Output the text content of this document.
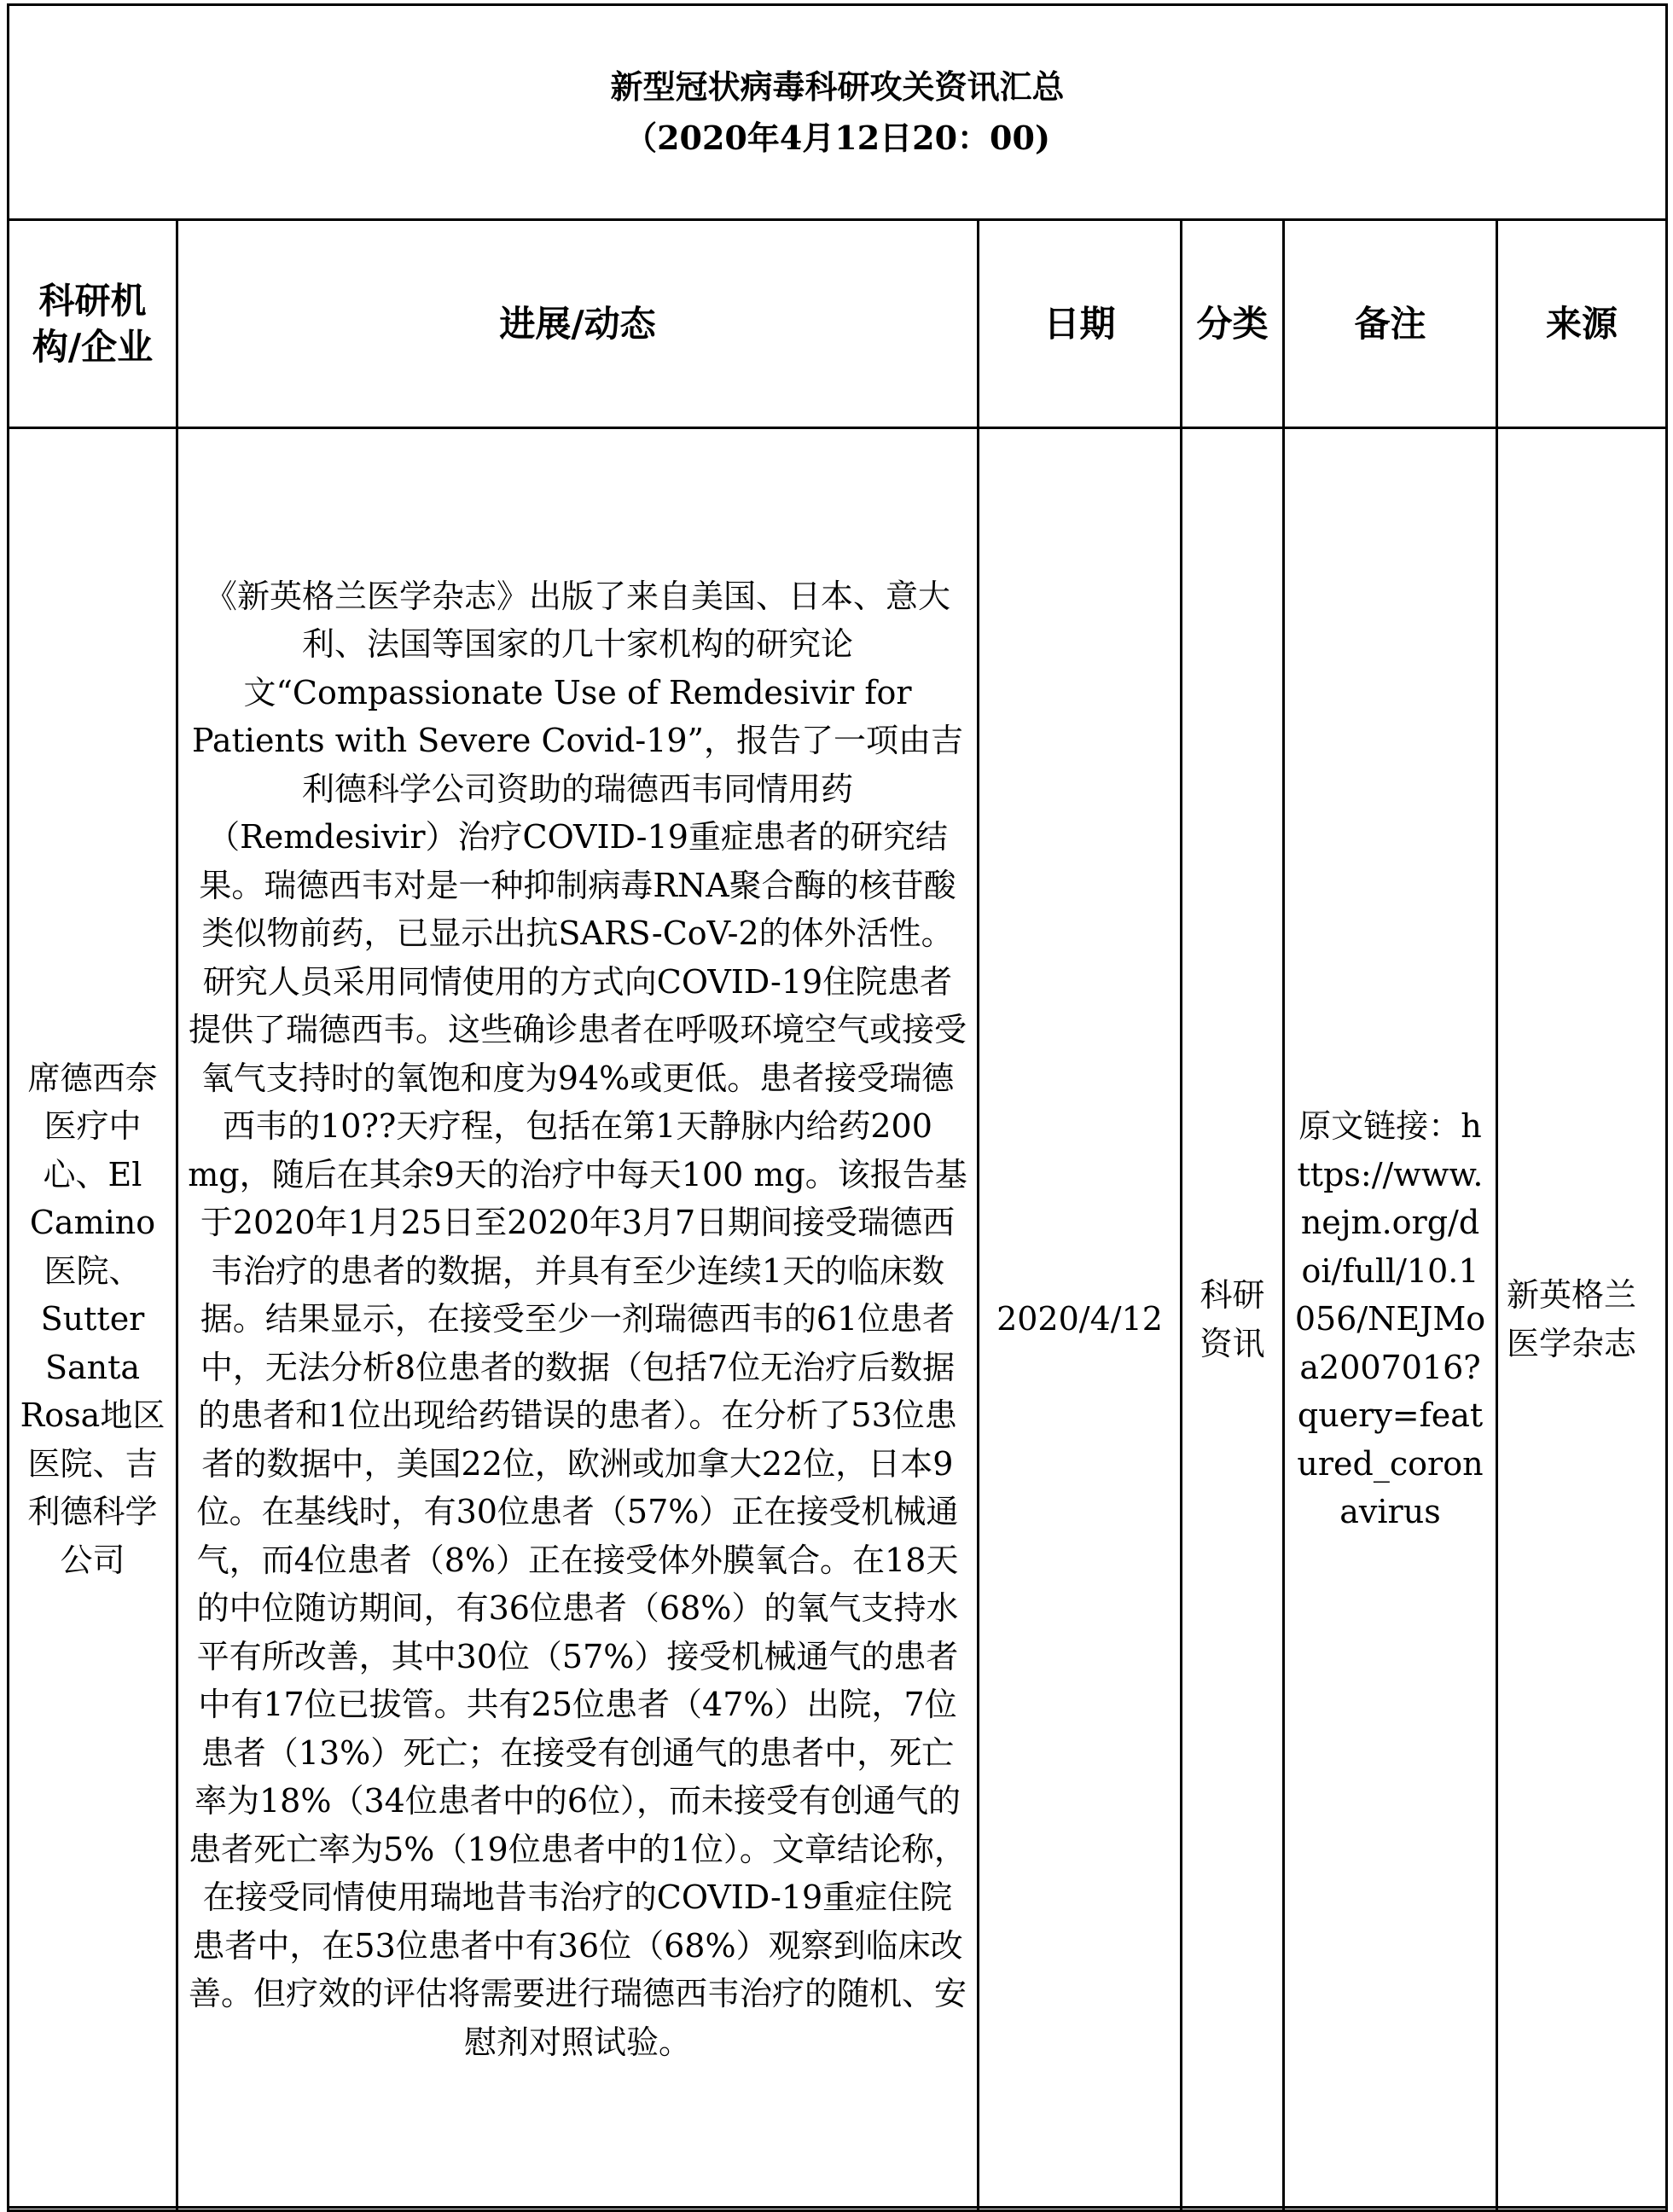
新型冠状病毒科研攻关资讯汇总
（2020年4月12日20：00)					

科研机构/企业	进展/动态	日期	分类	备注	来源
席德西奈医疗中心、El Camino医院、Sutter Santa Rosa地区医院、吉利德科学公司	《新英格兰医学杂志》出版了来自美国、日本、意大利、法国等国家的几十家机构的研究论文“Compassionate Use of Remdesivir for Patients with Severe Covid-19”，报告了一项由吉利德科学公司资助的瑞德西韦同情用药（Remdesivir）治疗COVID-19重症患者的研究结果。瑞德西韦对是一种抑制病毒RNA聚合酶的核苷酸类似物前药，已显示出抗SARS-CoV-2的体外活性。研究人员采用同情使用的方式向COVID-19住院患者提供了瑞德西韦。这些确诊患者在呼吸环境空气或接受氧气支持时的氧饱和度为94%或更低。患者接受瑞德西韦的10??天疗程，包括在第1天静脉内给药200 mg，随后在其余9天的治疗中每天100 mg。该报告基于2020年1月25日至2020年3月7日期间接受瑞德西韦治疗的患者的数据，并具有至少连续1天的临床数据。结果显示，在接受至少一剂瑞德西韦的61位患者中，无法分析8位患者的数据（包括7位无治疗后数据的患者和1位出现给药错误的患者）。在分析了53位患者的数据中，美国22位，欧洲或加拿大22位，日本9位。在基线时，有30位患者（57%）正在接受机械通气，而4位患者（8%）正在接受体外膜氧合。在18天的中位随访期间，有36位患者（68%）的氧气支持水平有所改善，其中30位（57%）接受机械通气的患者中有17位已拔管。共有25位患者（47%）出院，7位患者（13%）死亡；在接受有创通气的患者中，死亡率为18%（34位患者中的6位），而未接受有创通气的患者死亡率为5%（19位患者中的1位）。文章结论称，在接受同情使用瑞地昔韦治疗的COVID-19重症住院患者中，在53位患者中有36位（68%）观察到临床改善。但疗效的评估将需要进行瑞德西韦治疗的随机、安慰剂对照试验。	2020/4/12	科研资讯	原文链接：https://www.nejm.org/doi/full/10.1056/NEJMoa2007016?query=featured_coronavirus	新英格兰医学杂志
